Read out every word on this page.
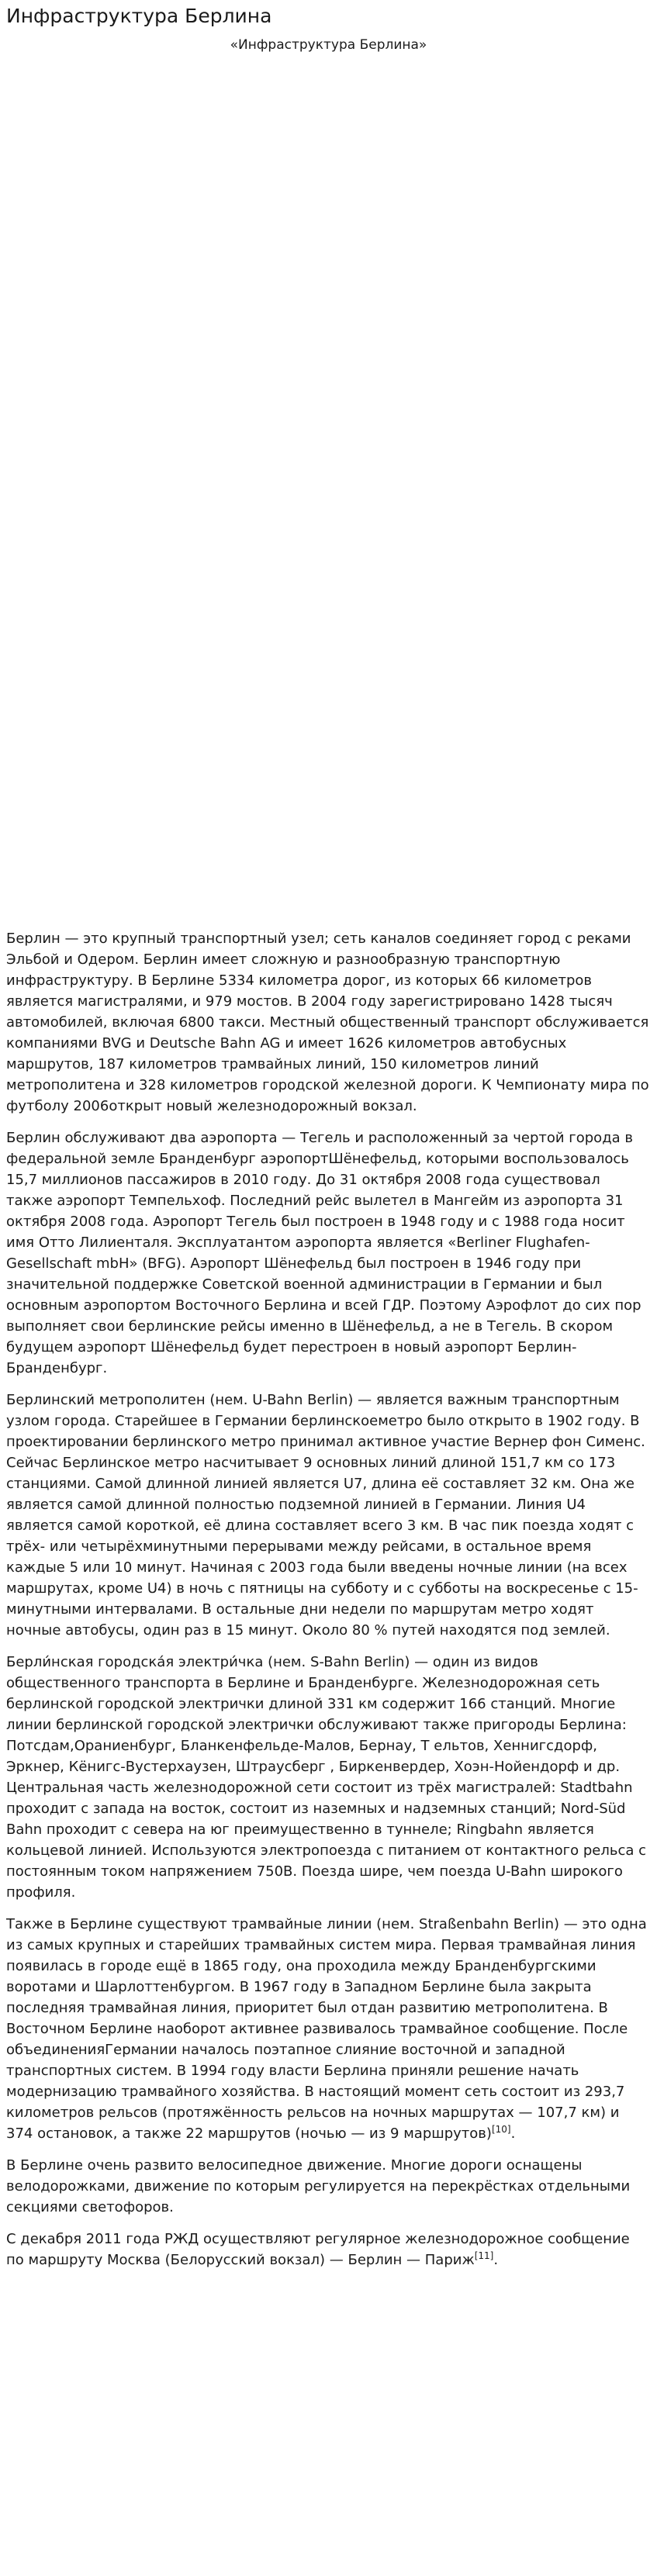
Инфраструктура Берлина
«Инфраструктура Берлина»

Берлин — это крупный транспортный узел; сеть каналов соединяет город с реками Эльбой и Одером. Берлин имеет сложную и разнообразную транспортную инфраструктуру. В Берлине 5334 километра дорог, из которых 66 километров является магистралями, и 979 мостов. В 2004 году зарегистрировано 1428 тысяч автомобилей, включая 6800 такси. Местный общественный транспорт обслуживается компаниями BVG и Deutsche Bahn AG и имеет 1626 километров автобусных маршрутов, 187 километров трамвайных линий, 150 километров линий метрополитена и 328 километров городской железной дороги. К Чемпионату мира по футболу 2006открыт новый железнодорожный вокзал.

Берлин обслуживают два аэропорта — Тегель и расположенный за чертой города в федеральной земле Бранденбург аэропортШёнефельд, которыми воспользовалось 15,7 миллионов пассажиров в 2010 году. До 31 октября 2008 года существовал также аэропорт Темпельхоф. Последний рейс вылетел в Мангейм из аэропорта 31 октября 2008 года. Аэропорт Тегель был построен в 1948 году и с 1988 года носит имя Отто Лилиенталя. Эксплуатантом аэропорта является «Berliner Flughafen-Gesellschaft mbH» (BFG). Аэропорт Шёнефельд был построен в 1946 году при значительной поддержке Советской военной администрации в Германии и был основным аэропортом Восточного Берлина и всей ГДР. Поэтому Аэрофлот до сих пор выполняет свои берлинские рейсы именно в Шёнефельд, а не в Тегель. В скором будущем аэропорт Шёнефельд будет перестроен в новый аэропорт Берлин-Бранденбург.

Берлинский метрополитен (нем. U-Bahn Berlin) — является важным транспортным узлом города. Старейшее в Германии берлинскоеметро было открыто в 1902 году. В проектировании берлинского метро принимал активное участие Вернер фон Сименс. Сейчас Берлинское метро насчитывает 9 основных линий длиной 151,7 км со 173 станциями. Самой длинной линией является U7, длина её составляет 32 км. Она же является самой длинной полностью подземной линией в Германии. Линия U4 является самой короткой, её длина составляет всего 3 км. В час пик поезда ходят с трёх- или четырёхминутными перерывами между рейсами, в остальное время каждые 5 или 10 минут. Начиная с 2003 года были введены ночные линии (на всех маршрутах, кроме U4) в ночь с пятницы на субботу и с субботы на воскресенье с 15-минутными интервалами. В остальные дни недели по маршрутам метро ходят ночные автобусы, один раз в 15 минут. Около 80 % путей находятся под землей.

Берли́нская городска́я электри́чка (нем. S-Bahn Berlin) — один из видов общественного транспорта в Берлине и Бранденбурге. Железнодорожная сеть берлинской городской электрички длиной 331 км содержит 166 станций. Многие линии берлинской городской электрички обслуживают также пригороды Берлина: Потсдам,Ораниенбург, Бланкенфельде-Малов, Бернау, Т ельтов, Хеннигсдорф, Эркнер, Кёнигс-Вустерхаузен, Штраусберг , Биркенвердер, Хоэн-Нойендорф и др. Центральная часть железнодорожной сети состоит из трёх магистралей: Stadtbahn проходит с запада на восток, состоит из наземных и надземных станций; Nord-Süd Bahn проходит с севера на юг преимущественно в туннеле; Ringbahn является кольцевой линией. Используются электропоезда с питанием от контактного рельса с постоянным током напряжением 750В. Поезда шире, чем поезда U-Bahn широкого профиля.

Также в Берлине существуют трамвайные линии (нем. Straßenbahn Berlin) — это одна из самых крупных и старейших трамвайных систем мира. Первая трамвайная линия появилась в городе ещё в 1865 году, она проходила между Бранденбургскими воротами и Шарлоттенбургом. В 1967 году в Западном Берлине была закрыта последняя трамвайная линия, приоритет был отдан развитию метрополитена. В Восточном Берлине наоборот активнее развивалось трамвайное сообщение. После объединенияГермании началось поэтапное слияние восточной и западной транспортных систем. В 1994 году власти Берлина приняли решение начать модернизацию трамвайного хозяйства. В настоящий момент сеть состоит из 293,7 километров рельсов (протяжённость рельсов на ночных маршрутах — 107,7 км) и 374 остановок, а также 22 маршрутов (ночью — из 9 маршрутов)[10].

В Берлине очень развито велосипедное движение. Многие дороги оснащены велодорожками, движение по которым регулируется на перекрёстках отдельными секциями светофоров.

С декабря 2011 года РЖД осуществляют регулярное железнодорожное сообщение по маршруту Москва (Белорусский вокзал) — Берлин — Париж[11].
